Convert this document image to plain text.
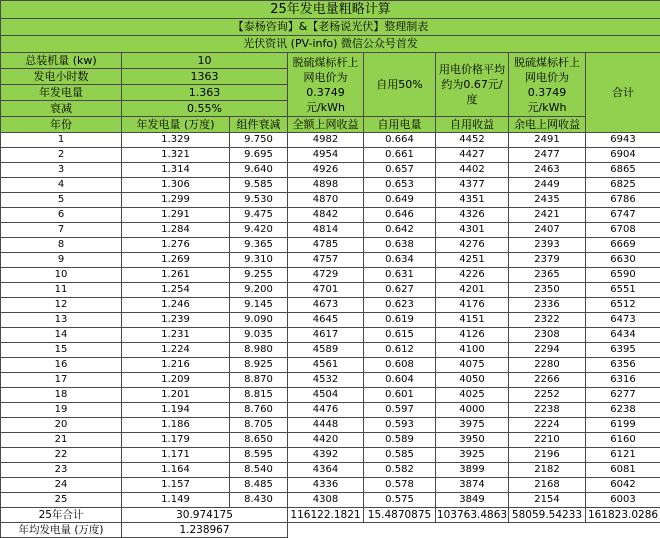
25年发电量粗略计算							
【泰杨咨询】&【老杨说光伏】整理制表							
光伏资讯 (PV-info) 微信公众号首发							
总装机量 (kw)	10		脱硫煤标杆上网电价为0.3749元/kWh	自用50%	用电价格平均约为0.67元/度	脱硫煤标杆上网电价为0.3749元/kWh	合计
发电小时数	1363						
年发电量	1.363						
衰减	0.55%						
年份	年发电量 (万度)	组件衰减	全额上网收益	自用电量	自用收益	余电上网收益	
1	1.329	9.750	4982	0.664	4452	2491	6943
2	1.321	9.695	4954	0.661	4427	2477	6904
3	1.314	9.640	4926	0.657	4402	2463	6865
4	1.306	9.585	4898	0.653	4377	2449	6825
5	1.299	9.530	4870	0.649	4351	2435	6786
6	1.291	9.475	4842	0.646	4326	2421	6747
7	1.284	9.420	4814	0.642	4301	2407	6708
8	1.276	9.365	4785	0.638	4276	2393	6669
9	1.269	9.310	4757	0.634	4251	2379	6630
10	1.261	9.255	4729	0.631	4226	2365	6590
11	1.254	9.200	4701	0.627	4201	2350	6551
12	1.246	9.145	4673	0.623	4176	2336	6512
13	1.239	9.090	4645	0.619	4151	2322	6473
14	1.231	9.035	4617	0.615	4126	2308	6434
15	1.224	8.980	4589	0.612	4100	2294	6395
16	1.216	8.925	4561	0.608	4075	2280	6356
17	1.209	8.870	4532	0.604	4050	2266	6316
18	1.201	8.815	4504	0.601	4025	2252	6277
19	1.194	8.760	4476	0.597	4000	2238	6238
20	1.186	8.705	4448	0.593	3975	2224	6199
21	1.179	8.650	4420	0.589	3950	2210	6160
22	1.171	8.595	4392	0.585	3925	2196	6121
23	1.164	8.540	4364	0.582	3899	2182	6081
24	1.157	8.485	4336	0.578	3874	2168	6042
25	1.149	8.430	4308	0.575	3849	2154	6003
25年合计	30.974175		116122.1821	15.4870875	103763.4863	58059.54233	161823.0286
年均发电量 (万度)	1.238967						
